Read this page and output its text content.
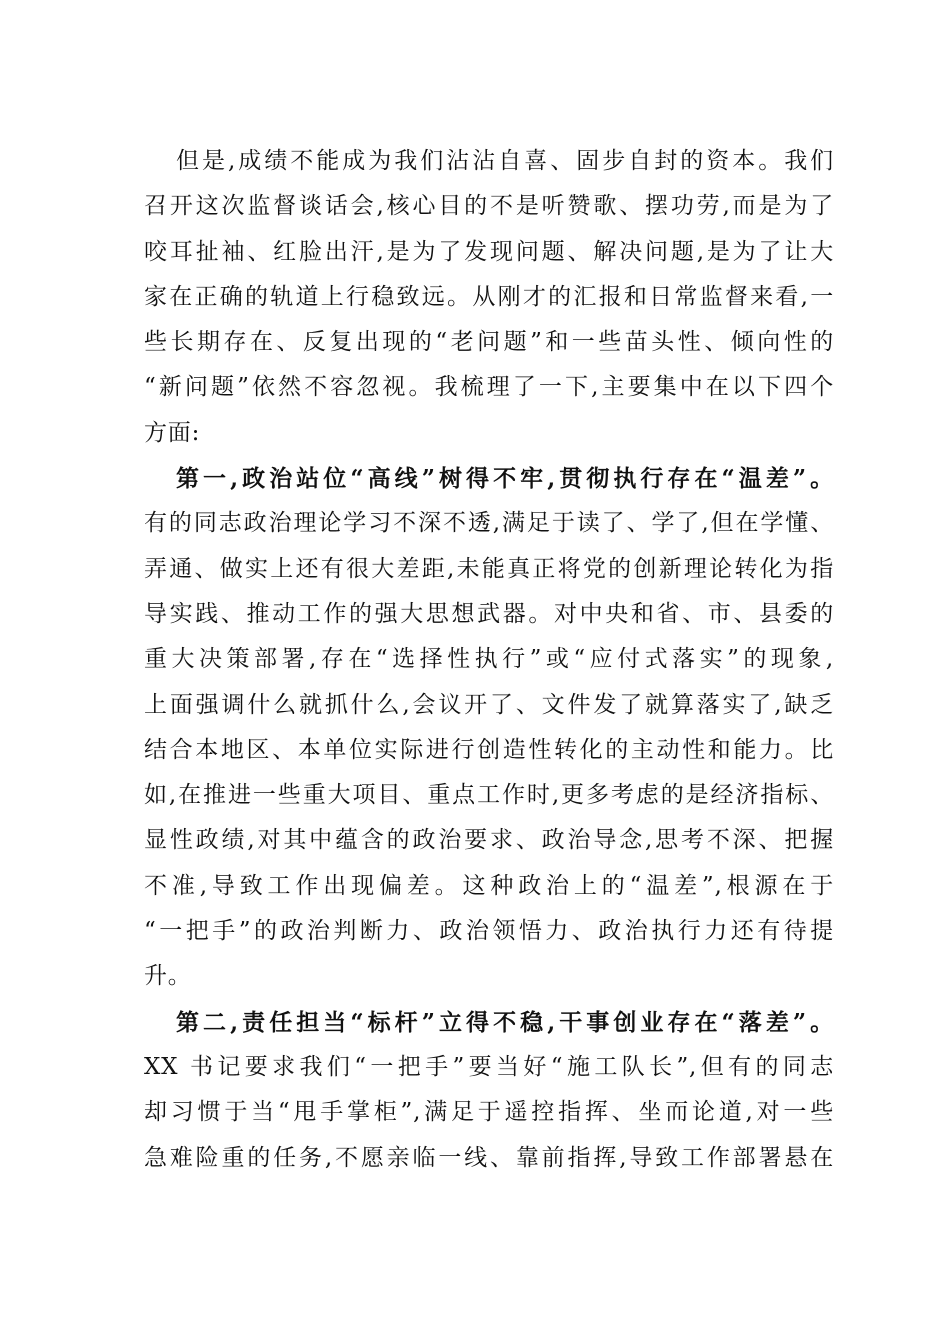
但是,成绩不能成为我们沾沾自喜、固步自封的资本。我们
召开这次监督谈话会,核心目的不是听赞歌、摆功劳,而是为了
咬耳扯袖、红脸出汗,是为了发现问题、解决问题,是为了让大
家在正确的轨道上行稳致远。从刚才的汇报和日常监督来看,一
些长期存在、反复出现的“老问题”和一些苗头性、倾向性的
“新问题”依然不容忽视。我梳理了一下,主要集中在以下四个
方面:
第一,政治站位“高线”树得不牢,贯彻执行存在“温差”。
有的同志政治理论学习不深不透,满足于读了、学了,但在学懂、
弄通、做实上还有很大差距,未能真正将党的创新理论转化为指
导实践、推动工作的强大思想武器。对中央和省、市、县委的
重大决策部署,存在“选择性执行”或“应付式落实”的现象,
上面强调什么就抓什么,会议开了、文件发了就算落实了,缺乏
结合本地区、本单位实际进行创造性转化的主动性和能力。比
如,在推进一些重大项目、重点工作时,更多考虑的是经济指标、
显性政绩,对其中蕴含的政治要求、政治导念,思考不深、把握
不准,导致工作出现偏差。这种政治上的“温差”,根源在于
“一把手”的政治判断力、政治领悟力、政治执行力还有待提
升。
第二,责任担当“标杆”立得不稳,干事创业存在“落差”。
XX 书记要求我们“一把手”要当好“施工队长”,但有的同志
却习惯于当“甩手掌柜”,满足于遥控指挥、坐而论道,对一些
急难险重的任务,不愿亲临一线、靠前指挥,导致工作部署悬在
